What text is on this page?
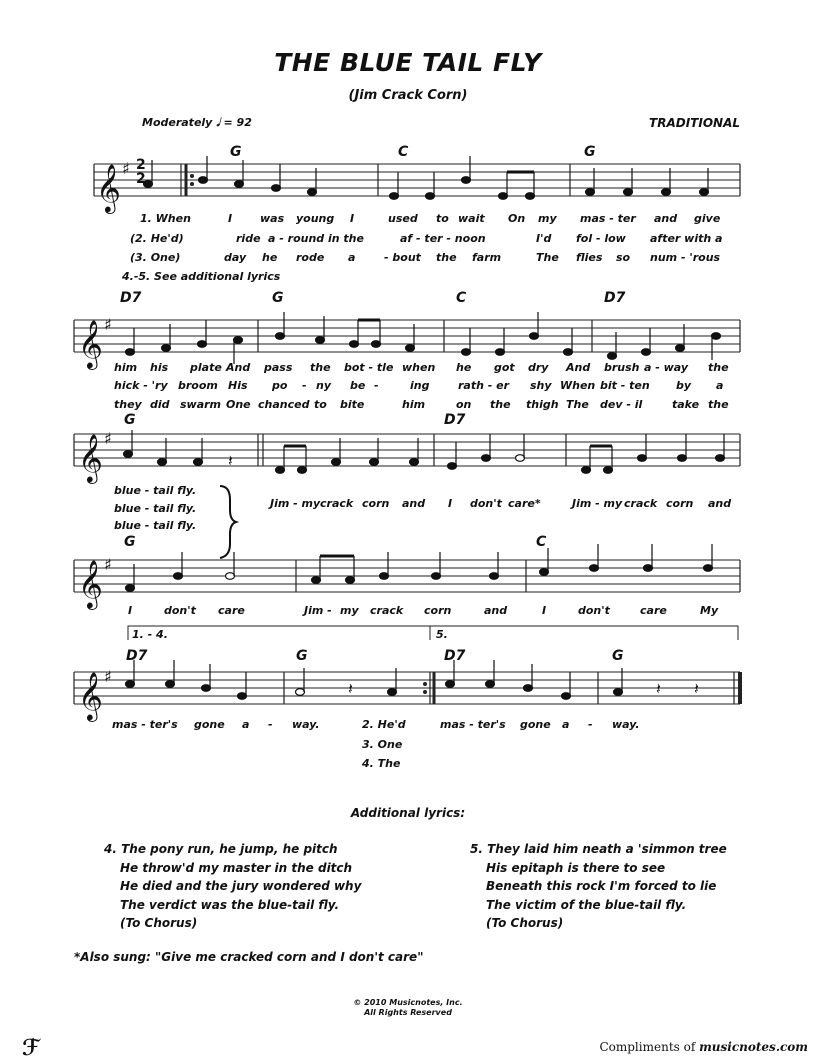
THE BLUE TAIL FLY
(Jim Crack Corn)
Moderately 𝅗𝅥 = 92	TRADITIONAL
𝄞
𝄞
𝄞
𝄞
𝄞
♯
♯
♯
♯
♯
𝄽
𝄽	𝄽 𝄽
2
2
G	C	G
D7	G	C	D7
G	D7
G	C
D7	G	D7	G
1. When	I	was young I	used to wait On my mas - ter and give
(2. He'd)	ride a - round in the	af - ter - noon	I'd fol - low after with a
(3. One)	day he rode a	- bout the farm	The flies so num - 'rous
4.-5. See additional lyrics
him his plate And pass the bot - tle when he got dry And brush a - way the
hick - 'ry broom His po - ny be -	ing	rath - er shy When bit - ten by a
they did swarm One chanced to bite	him	on the thigh The dev - il	take the
blue - tail fly.
blue - tail fly.
blue - tail fly.
Jim - my crack corn and I don't care*	Jim - my crack corn and
I	don't care	Jim - my crack corn	and	I	don't	care	My
1. - 4.	5.
mas - ter's gone a - way.	2. He'd	mas - ter's gone a - way.
3. One
4. The
Additional lyrics:
4. The pony run, he jump, he pitch
He throw'd my master in the ditch
He died and the jury wondered why
The verdict was the blue-tail fly.
(To Chorus)
5. They laid him neath a 'simmon tree
His epitaph is there to see
Beneath this rock I'm forced to lie
The victim of the blue-tail fly.
(To Chorus)
*Also sung: "Give me cracked corn and I don't care"
© 2010 Musicnotes, Inc.
All Rights Reserved
ℱ	Compliments of musicnotes.com
